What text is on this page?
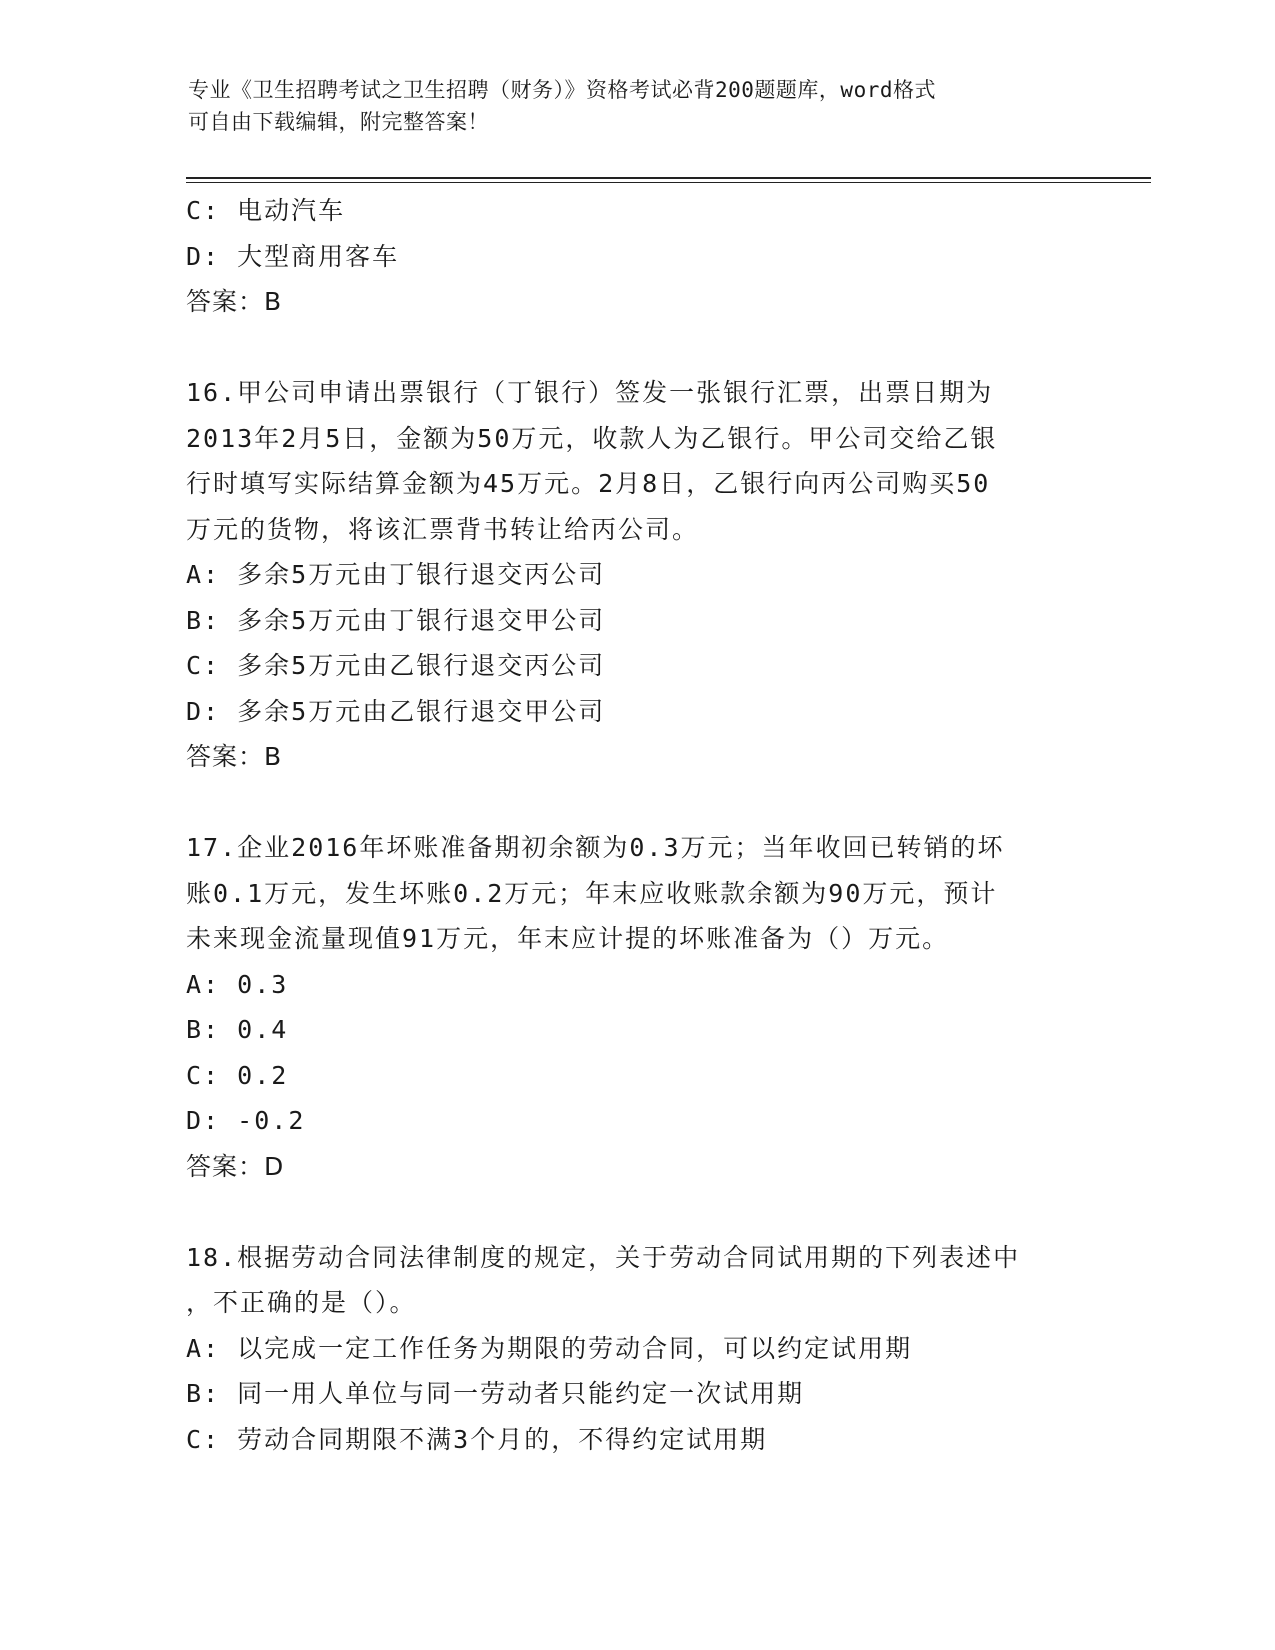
专业《卫生招聘考试之卫生招聘（财务）》资格考试必背200题题库，word格式
可自由下载编辑，附完整答案！
C: 电动汽车
D: 大型商用客车
答案：B
16.甲公司申请出票银行（丁银行）签发一张银行汇票，出票日期为
2013年2月5日，金额为50万元，收款人为乙银行。甲公司交给乙银
行时填写实际结算金额为45万元。2月8日，乙银行向丙公司购买50
万元的货物，将该汇票背书转让给丙公司。
A: 多余5万元由丁银行退交丙公司
B: 多余5万元由丁银行退交甲公司
C: 多余5万元由乙银行退交丙公司
D: 多余5万元由乙银行退交甲公司
答案：B
17.企业2016年坏账准备期初余额为0.3万元；当年收回已转销的坏
账0.1万元，发生坏账0.2万元；年末应收账款余额为90万元，预计
未来现金流量现值91万元，年末应计提的坏账准备为（）万元。
A: 0.3
B: 0.4
C: 0.2
D: -0.2
答案：D
18.根据劳动合同法律制度的规定，关于劳动合同试用期的下列表述中
，不正确的是（）。
A: 以完成一定工作任务为期限的劳动合同，可以约定试用期
B: 同一用人单位与同一劳动者只能约定一次试用期
C: 劳动合同期限不满3个月的，不得约定试用期
